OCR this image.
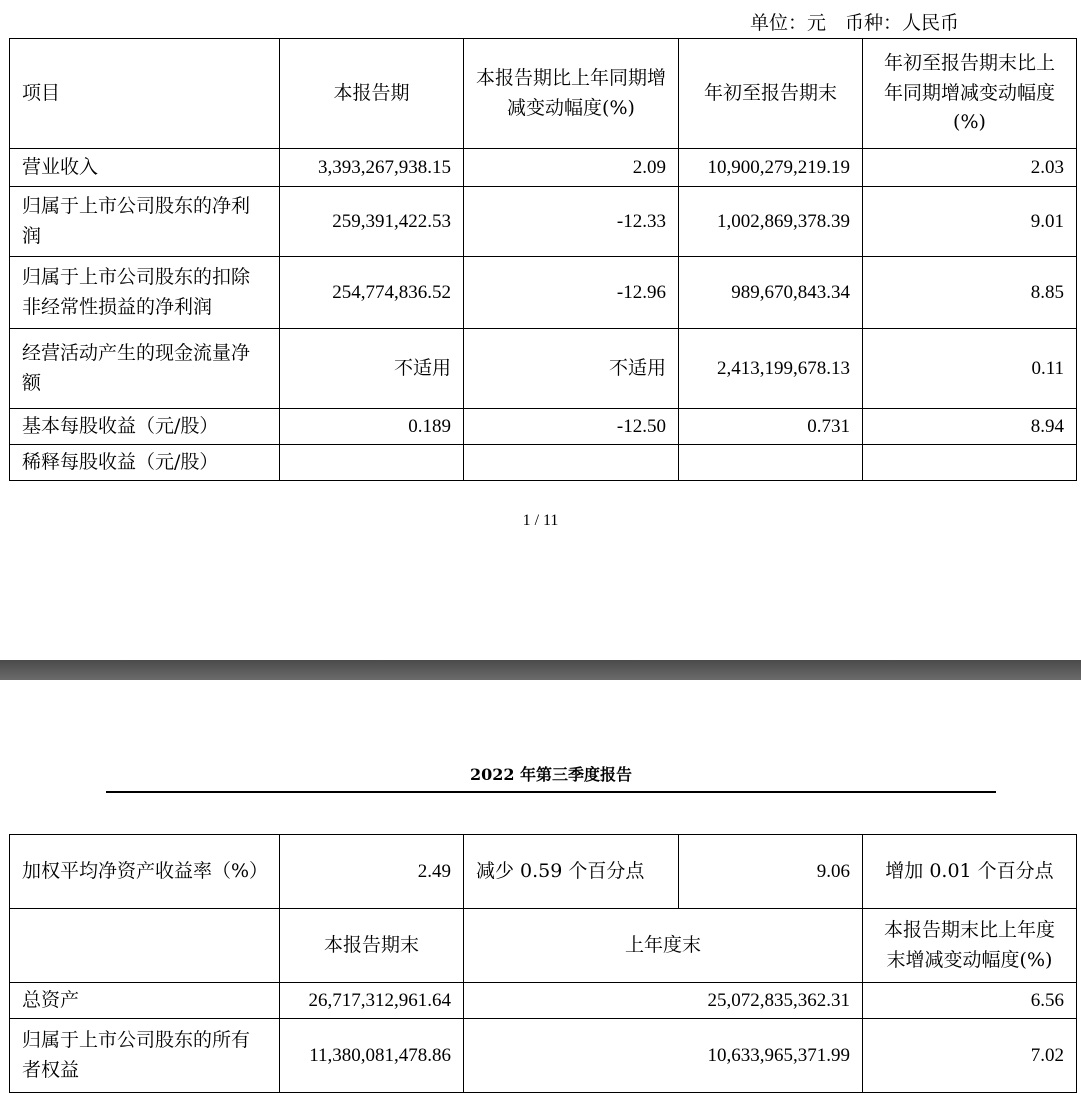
单位：元　币种：人民币
项目	本报告期	本报告期比上年同期增减变动幅度(%)	年初至报告期末	年初至报告期末比上年同期增减变动幅度(%)
营业收入	3,393,267,938.15	2.09	10,900,279,219.19	2.03
归属于上市公司股东的净利润	259,391,422.53	-12.33	1,002,869,378.39	9.01
归属于上市公司股东的扣除非经常性损益的净利润	254,774,836.52	-12.96	989,670,843.34	8.85
经营活动产生的现金流量净额	不适用	不适用	2,413,199,678.13	0.11
基本每股收益（元/股）	0.189	-12.50	0.731	8.94
稀释每股收益（元/股）				
1 / 11
2022 年第三季度报告
加权平均净资产收益率（%）	2.49	减少 0.59 个百分点	9.06	增加 0.01 个百分点
	本报告期末	上年度末		本报告期末比上年度末增减变动幅度(%)
总资产	26,717,312,961.64	25,072,835,362.31		6.56
归属于上市公司股东的所有者权益	11,380,081,478.86	10,633,965,371.99		7.02
